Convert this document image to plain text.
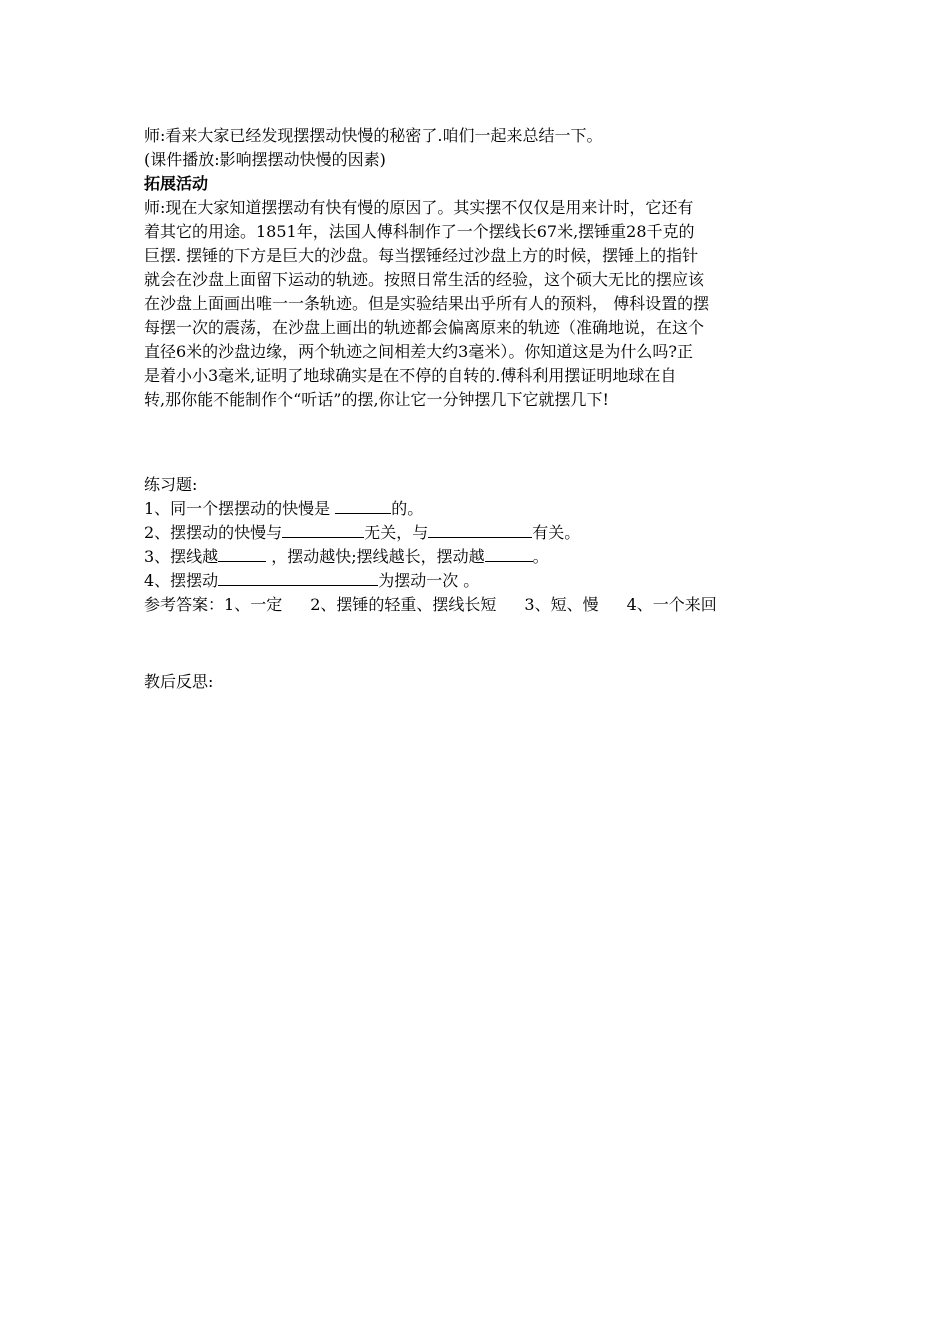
师:看来大家已经发现摆摆动快慢的秘密了.咱们一起来总结一下。
(课件播放:影响摆摆动快慢的因素)
拓展活动
师:现在大家知道摆摆动有快有慢的原因了。其实摆不仅仅是用来计时，它还有
着其它的用途。1851年，法国人傅科制作了一个摆线长67米,摆锤重28千克的
巨摆. 摆锤的下方是巨大的沙盘。每当摆锤经过沙盘上方的时候，摆锤上的指针
就会在沙盘上面留下运动的轨迹。按照日常生活的经验，这个硕大无比的摆应该
在沙盘上面画出唯一一条轨迹。但是实验结果出乎所有人的预料， 傅科设置的摆
每摆一次的震荡，在沙盘上画出的轨迹都会偏离原来的轨迹（准确地说，在这个
直径6米的沙盘边缘，两个轨迹之间相差大约3毫米）。你知道这是为什么吗?正
是着小小3毫米,证明了地球确实是在不停的自转的.傅科利用摆证明地球在自
转,那你能不能制作个“听话”的摆,你让它一分钟摆几下它就摆几下!
练习题:
1、同一个摆摆动的快慢是	的。
2、摆摆动的快慢与	无关，与	有关。
3、摆线越	，摆动越快;摆线越长，摆动越	。
4、摆摆动	为摆动一次 。
参考答案：1、一定 2、摆锤的轻重、摆线长短 3、短、慢 4、一个来回
教后反思:
